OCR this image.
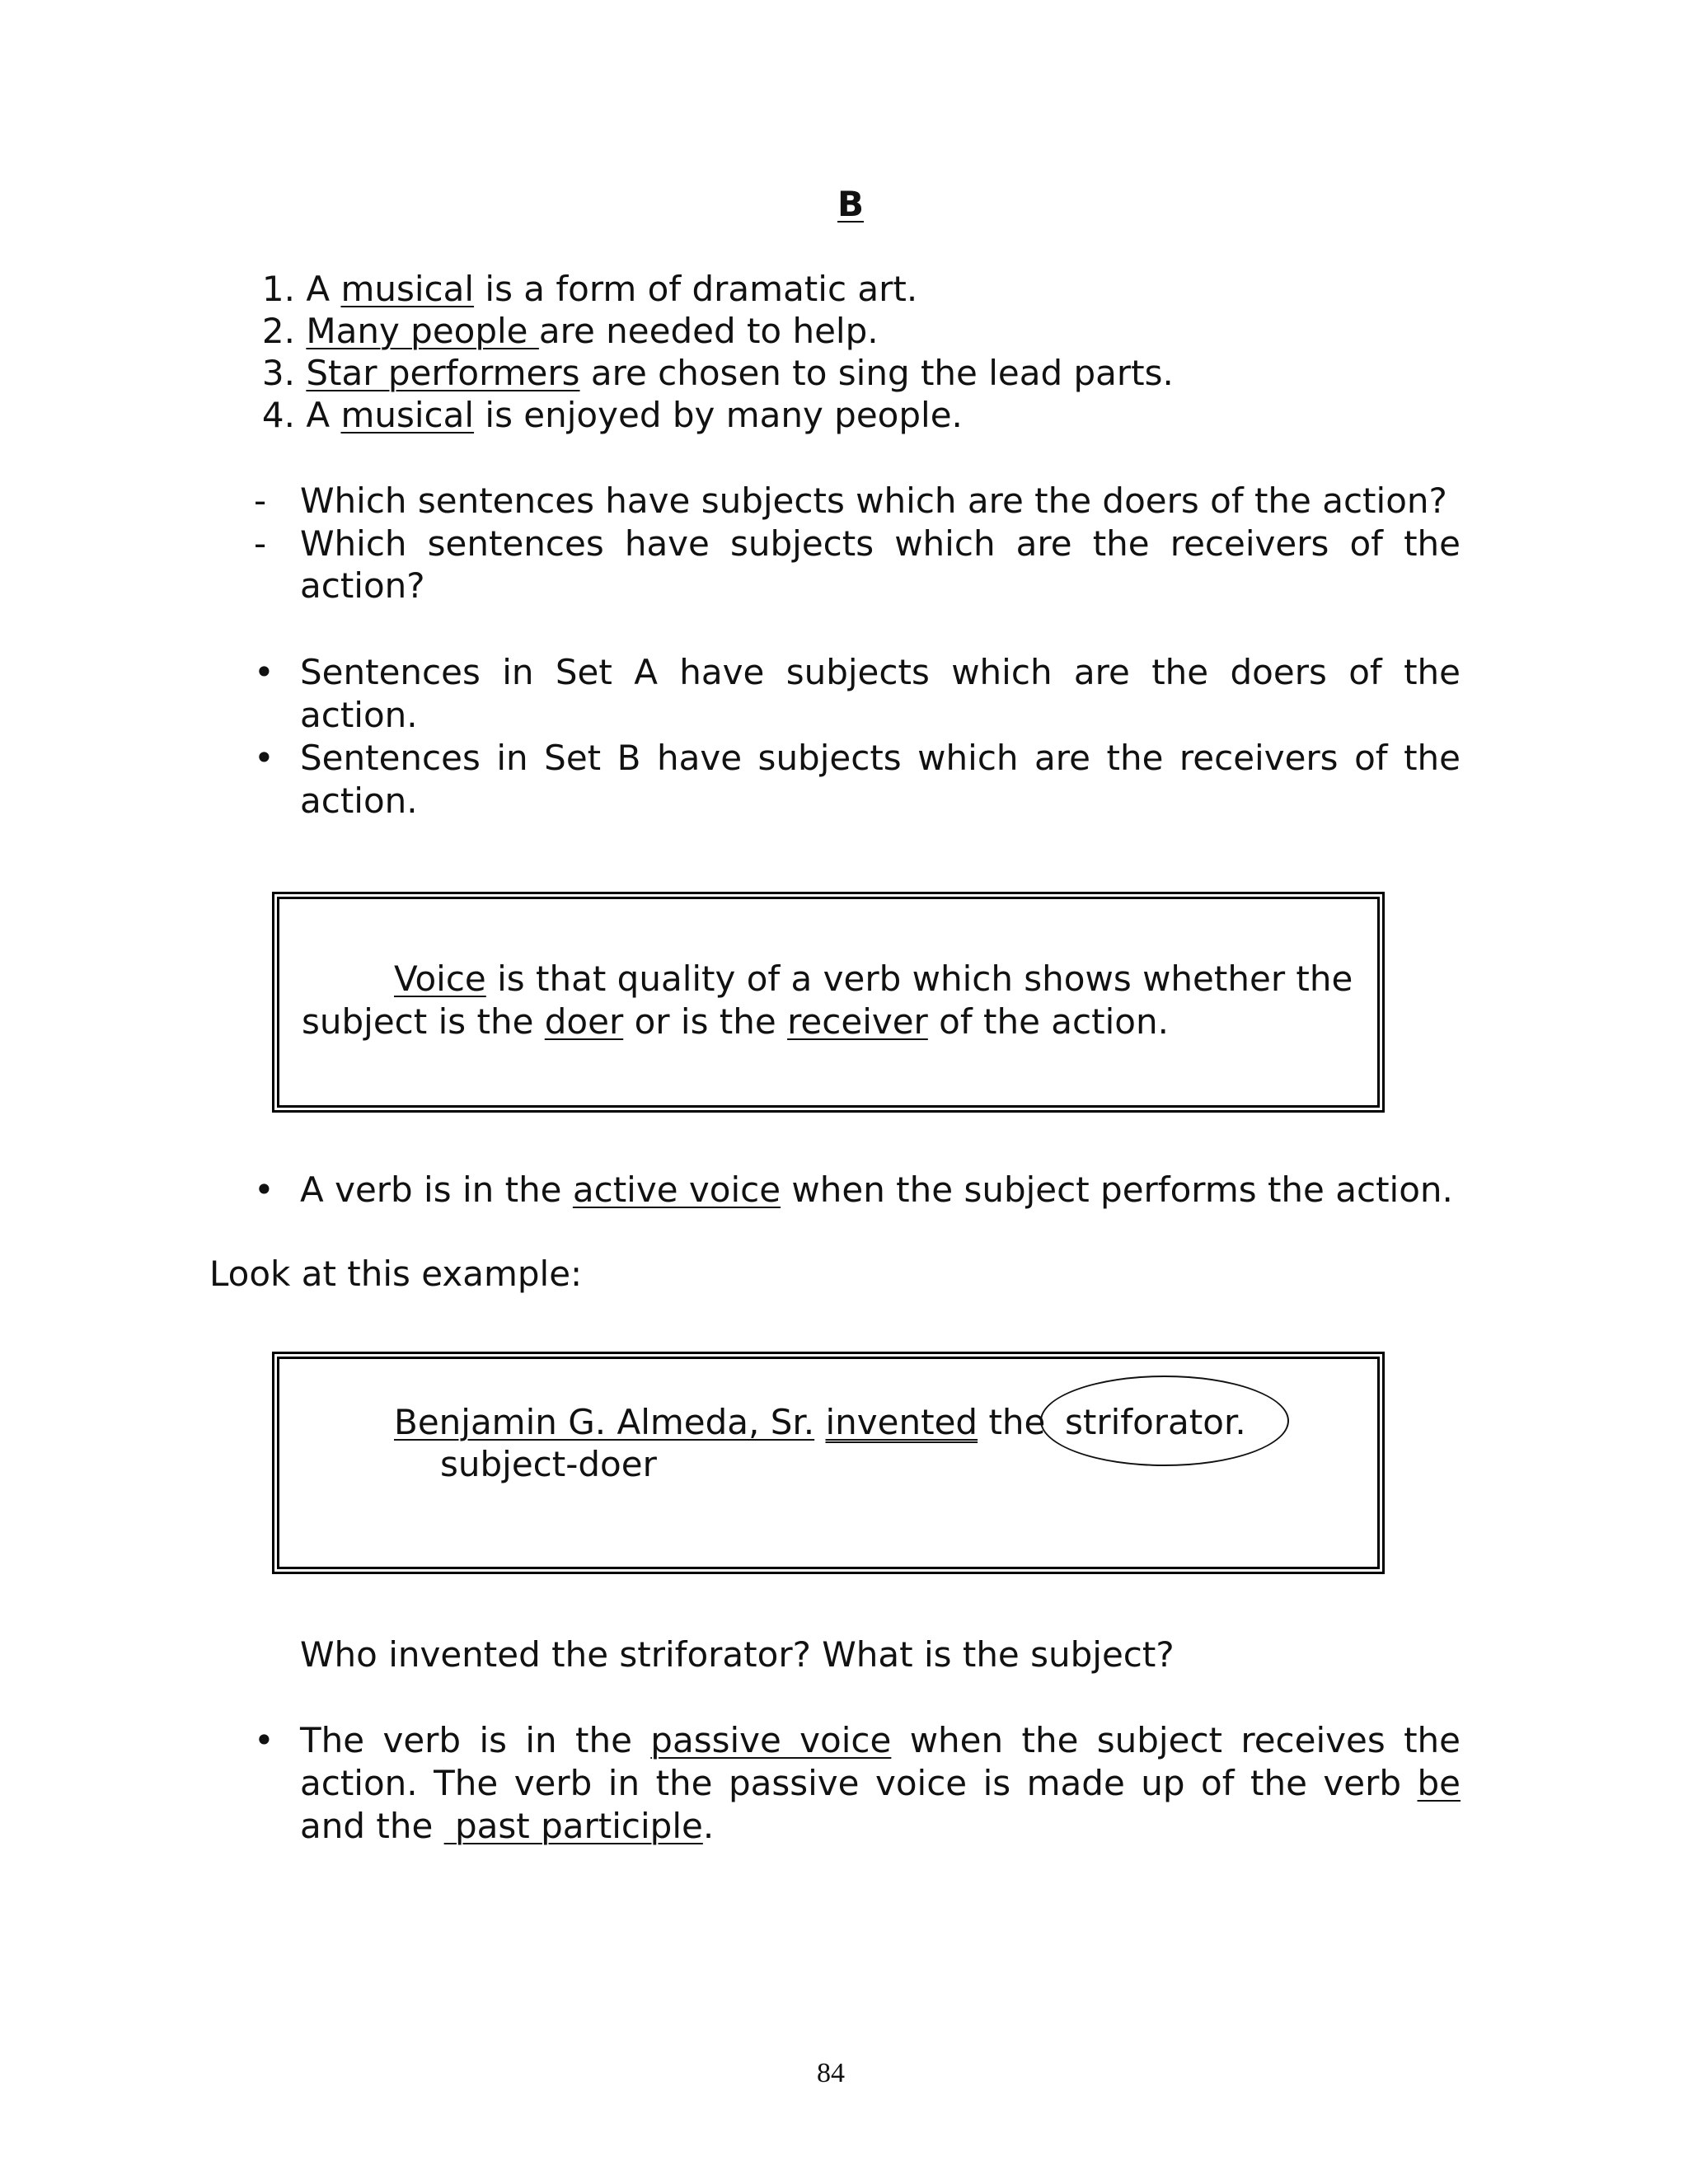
B
1. A musical is a form of dramatic art.
2. Many people are needed to help.
3. Star performers are chosen to sing the lead parts.
4. A musical is enjoyed by many people.
- Which sentences have subjects which are the doers of the action?
- Which sentences have subjects which are the receivers of the
action?
• Sentences in Set A have subjects which are the doers of the
action.
• Sentences in Set B have subjects which are the receivers of the
action.
Voice is that quality of a verb which shows whether the
subject is the doer or is the receiver of the action.
• A verb is in the active voice when the subject performs the action.
Look at this example:
Benjamin G. Almeda, Sr. invented the striforator.
subject-doer
Who invented the striforator? What is the subject?
• The verb is in the passive voice when the subject receives the
action. The verb in the passive voice is made up of the verb be
and the  past participle.
84
